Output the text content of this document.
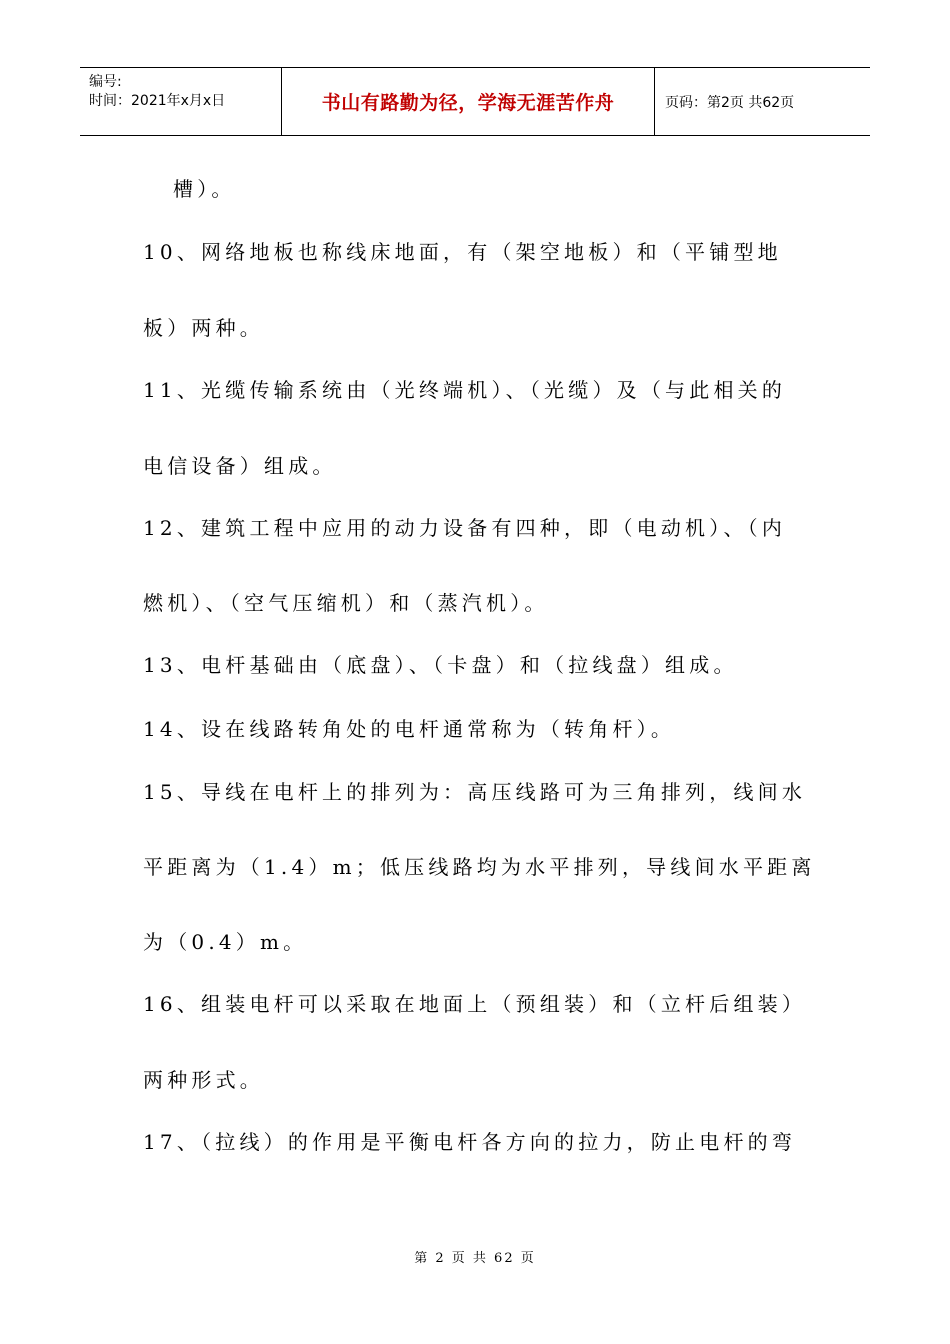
编号:
时间：2021年x月x日	书山有路勤为径，学海无涯苦作舟	页码：第2页 共62页
槽）。
10、网络地板也称线床地面，有（架空地板）和（平铺型地
板）两种。
11、光缆传输系统由（光终端机）、（光缆）及（与此相关的
电信设备）组成。
12、建筑工程中应用的动力设备有四种，即（电动机）、（内
燃机）、（空气压缩机）和（蒸汽机）。
13、电杆基础由（底盘）、（卡盘）和（拉线盘）组成。
14、设在线路转角处的电杆通常称为（转角杆）。
15、导线在电杆上的排列为：高压线路可为三角排列，线间水
平距离为（1.4）m；低压线路均为水平排列，导线间水平距离
为（0.4）m。
16、组装电杆可以采取在地面上（预组装）和（立杆后组装）
两种形式。
17、（拉线）的作用是平衡电杆各方向的拉力，防止电杆的弯
第 2 页 共 62 页
